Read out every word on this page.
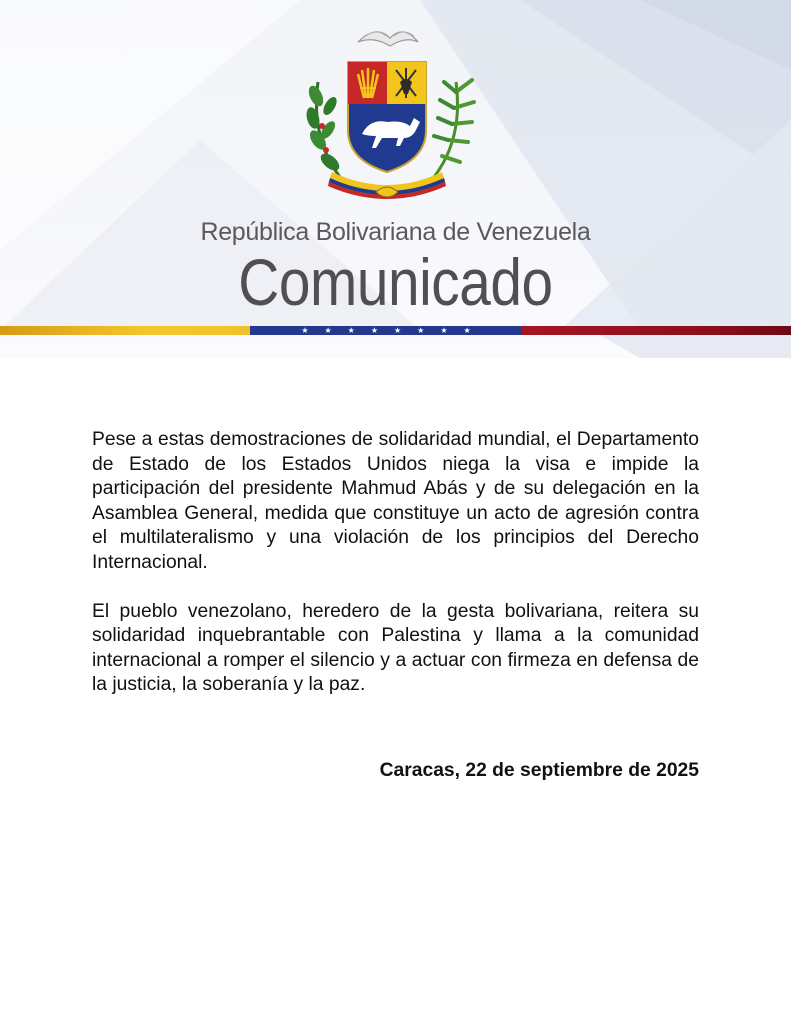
República Bolivariana de Venezuela
Comunicado
★ ★ ★ ★ ★ ★ ★ ★

Pese a estas demostraciones de solidaridad mundial, el Departamento de Estado de los Estados Unidos niega la visa e impide la participación del presidente Mahmud Abás y de su delegación en la Asamblea General, medida que constituye un acto de agresión contra el multilateralismo y una violación de los principios del Derecho Internacional.

El pueblo venezolano, heredero de la gesta bolivariana, reitera su solidaridad inquebrantable con Palestina y llama a la comunidad internacional a romper el silencio y a actuar con firmeza en defensa de la justicia, la soberanía y la paz.

Caracas, 22 de septiembre de 2025
